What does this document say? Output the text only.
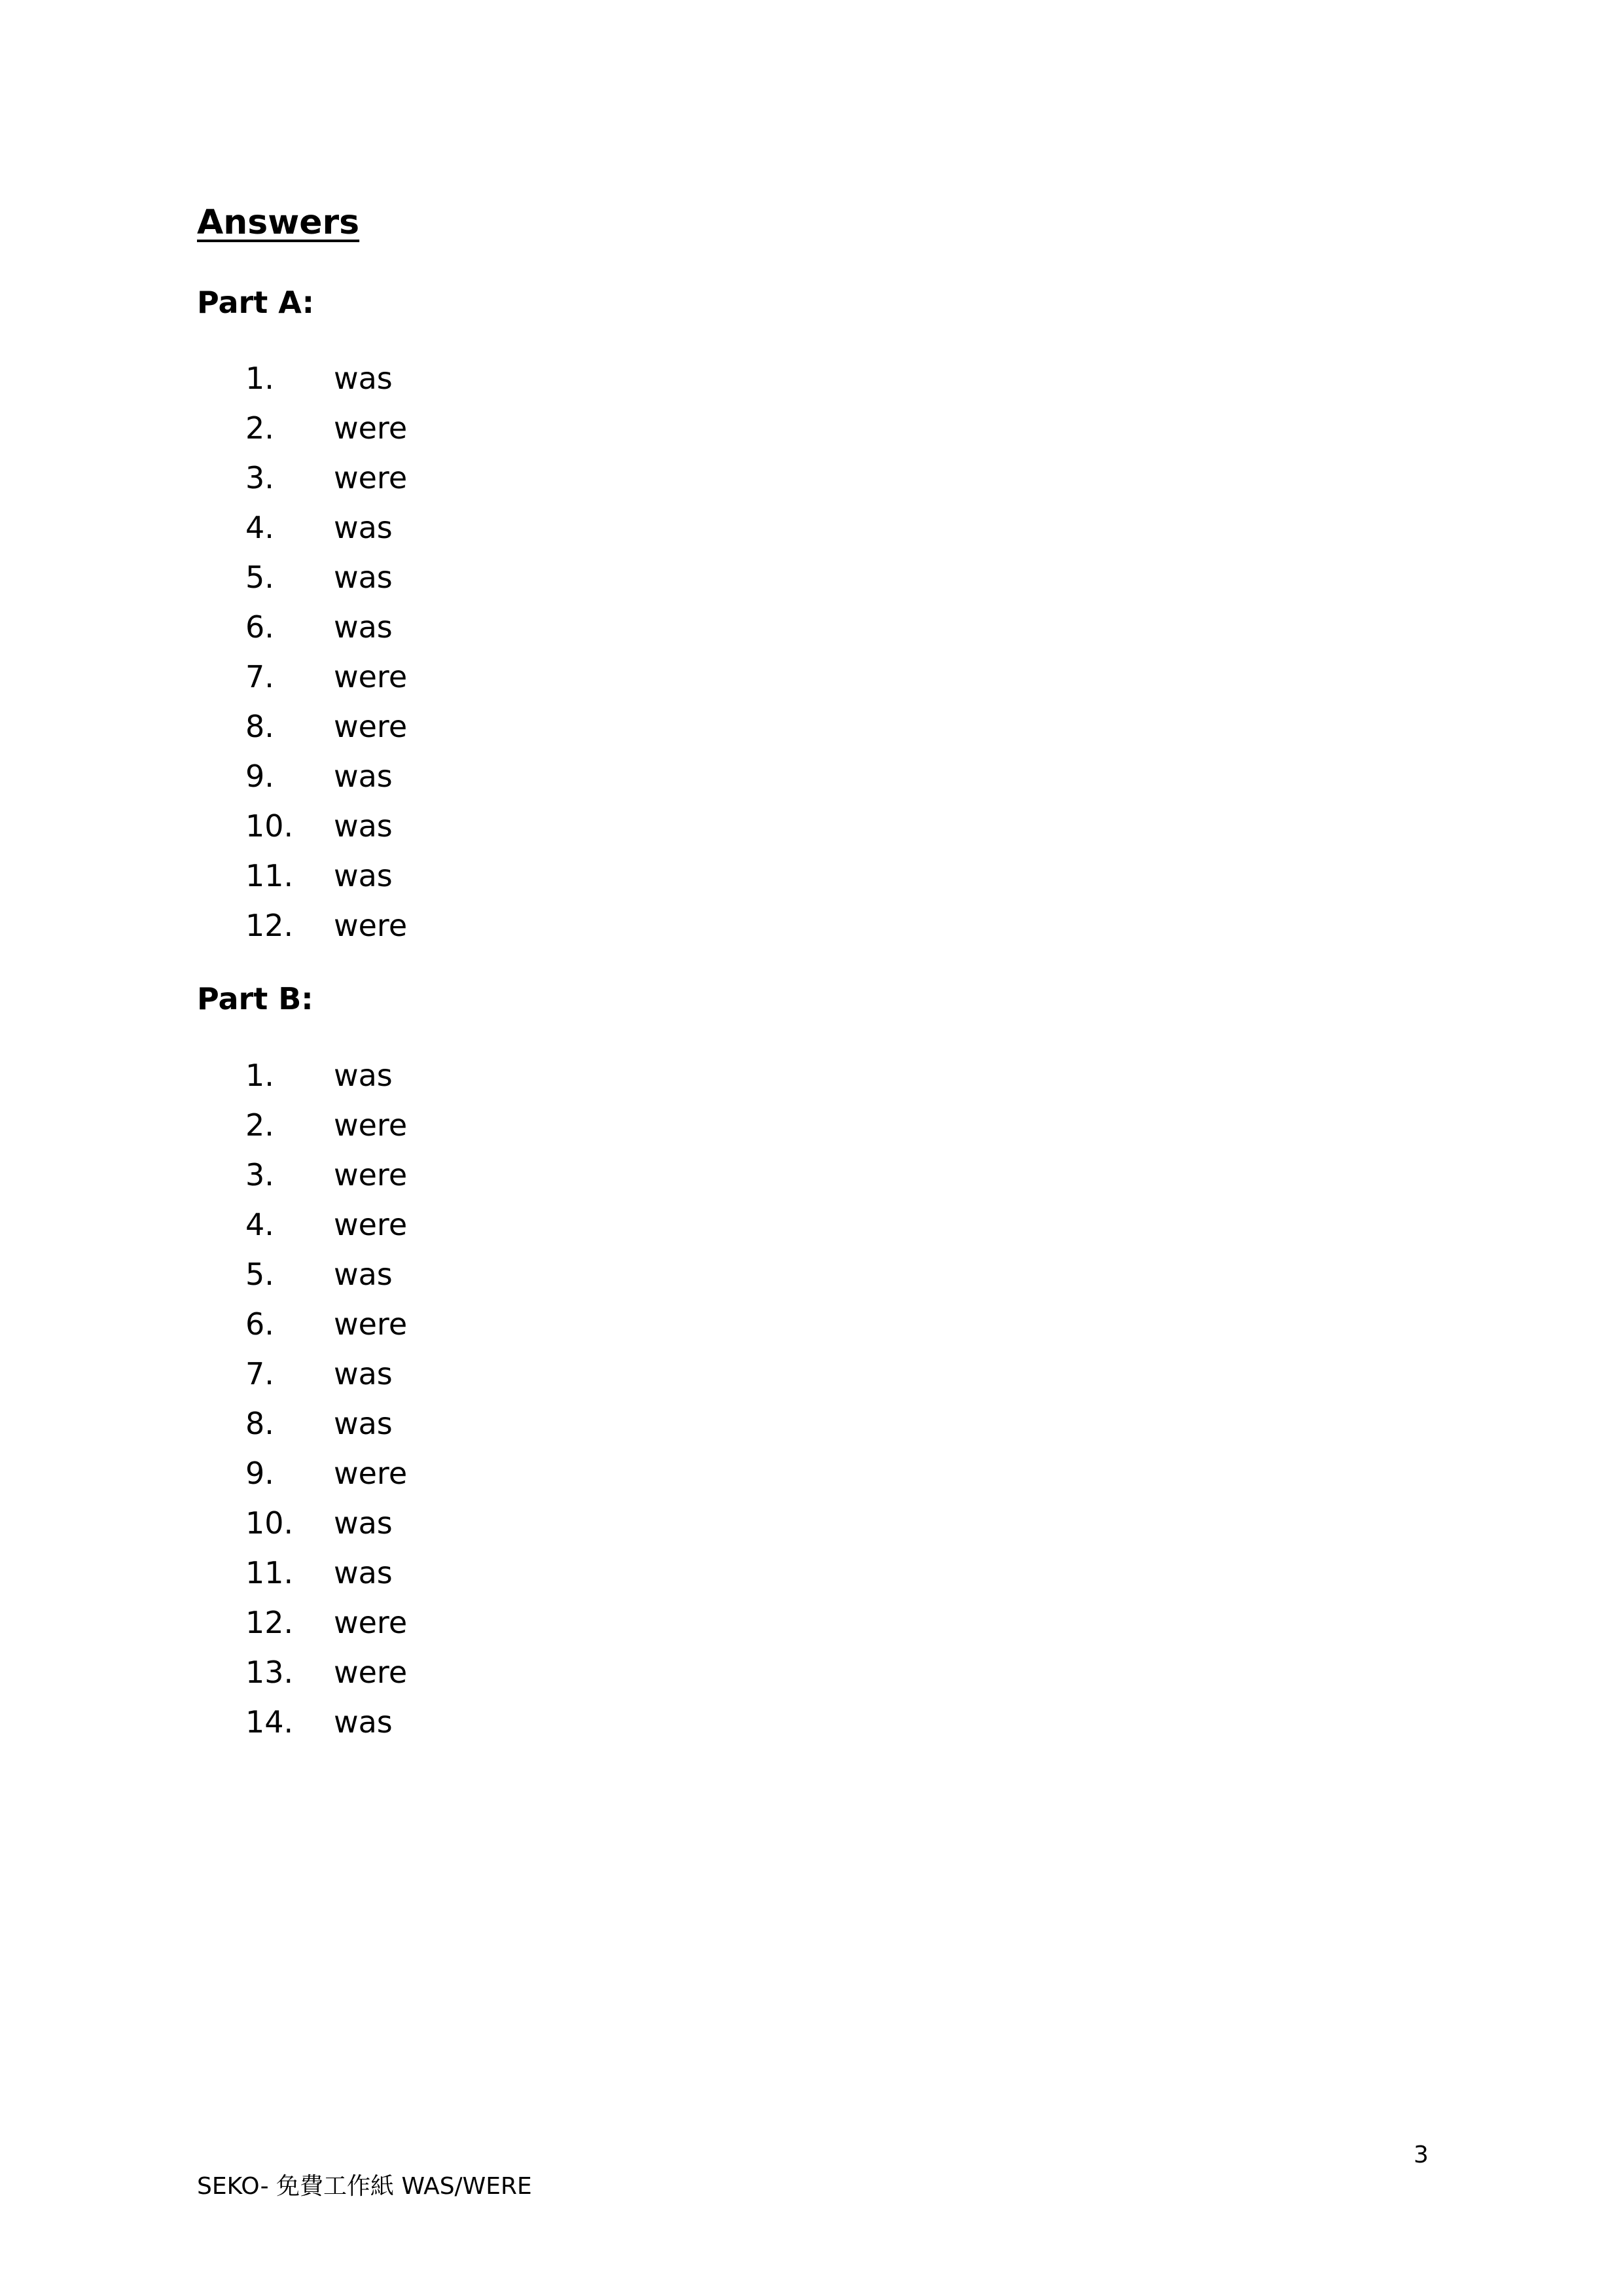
Answers
Part A:
1.	was
2.	were
3.	were
4.	was
5.	was
6.	was
7.	were
8.	were
9.	was
10.	was
11.	was
12.	were
Part B:
1.	was
2.	were
3.	were
4.	were
5.	was
6.	were
7.	was
8.	was
9.	were
10.	was
11.	was
12.	were
13.	were
14.	was
3
SEKO- 免費工作紙 WAS/WERE
